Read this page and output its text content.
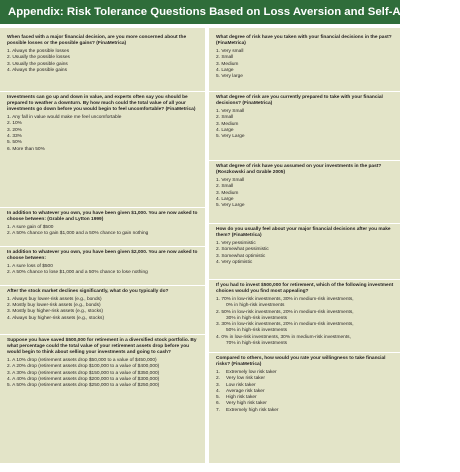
Appendix: Risk Tolerance Questions Based on Loss Aversion and Self-Assessment
When faced with a major financial decision, are you more concerned about the possible losses or the possible gains? (FinaMetrica)
1. Always the possible losses
2. Usually the possible losses
3. Usually the possible gains
4. Always the possible gains
Investments can go up and down in value, and experts often say you should be prepared to weather a downturn. By how much could the total value of all your investments go down before you would begin to feel uncomfortable? (FinaMetrica)
1. Any fall in value would make me feel uncomfortable
2. 10%
3. 20%
4. 33%
5. 50%
6. More than 50%
In addition to whatever you own, you have been given $1,000. You are now asked to choose between: (Grable and Lytton 1999)
1. A sure gain of $500
2. A 50% chance to gain $1,000 and a 50% chance to gain nothing
In addition to whatever you own, you have been given $2,000. You are now asked to choose between:
1. A sure loss of $500
2. A 50% chance to lose $1,000 and a 50% chance to lose nothing
After the stock market declines significantly, what do you typically do?
1. Always buy lower-risk assets (e.g., bonds)
2. Mostly buy lower-risk assets (e.g., bonds)
3. Mostly buy higher-risk assets (e.g., stocks)
4. Always buy higher-risk assets (e.g., stocks)
Suppose you have saved $500,000 for retirement in a diversified stock portfolio. By what percentage could the total value of your retirement assets drop before you would begin to think about selling your investments and going to cash?
1. A 10% drop (retirement assets drop $50,000 to a value of $450,000)
2. A 20% drop (retirement assets drop $100,000 to a value of $400,000)
3. A 30% drop (retirement assets drop $150,000 to a value of $350,000)
4. A 40% drop (retirement assets drop $200,000 to a value of $300,000)
5. A 50% drop (retirement assets drop $250,000 to a value of $250,000)
What degree of risk have you taken with your financial decisions in the past? (FinaMetrica)
1. Very small
2. Small
3. Medium
4. Large
5. Very large
What degree of risk are you currently prepared to take with your financial decisions? (FinaMetrica)
1. Very Small
2. Small
3. Medium
4. Large
5. Very Large
What degree of risk have you assumed on your investments in the past? (Roszkowski and Grable 2005)
1. Very Small
2. Small
3. Medium
4. Large
5. Very Large
How do you usually feel about your major financial decisions after you make them? (FinaMetrica)
1. Very pessimistic
2. Somewhat pessimistic
3. Somewhat optimistic
4. Very optimistic
If you had to invest $500,000 for retirement, which of the following investment choices would you find most appealing?
1. 70% in low-risk investments, 30% in medium-risk investments,
0% in high-risk investments
2. 50% in low-risk investments, 20% in medium-risk investments,
30% in high-risk investments
3. 30% in low-risk investments, 20% in medium-risk investments,
50% in high-risk investments
4. 0% in low-risk investments, 30% in medium-risk investments,
70% in high-risk investments
Compared to others, how would you rate your willingness to take financial risks? (FinaMetrica)
1. Extremely low risk taker
2. Very low risk taker
3. Low risk taker
4. Average risk taker
5. High risk taker
6. Very high risk taker
7. Extremely high risk taker
